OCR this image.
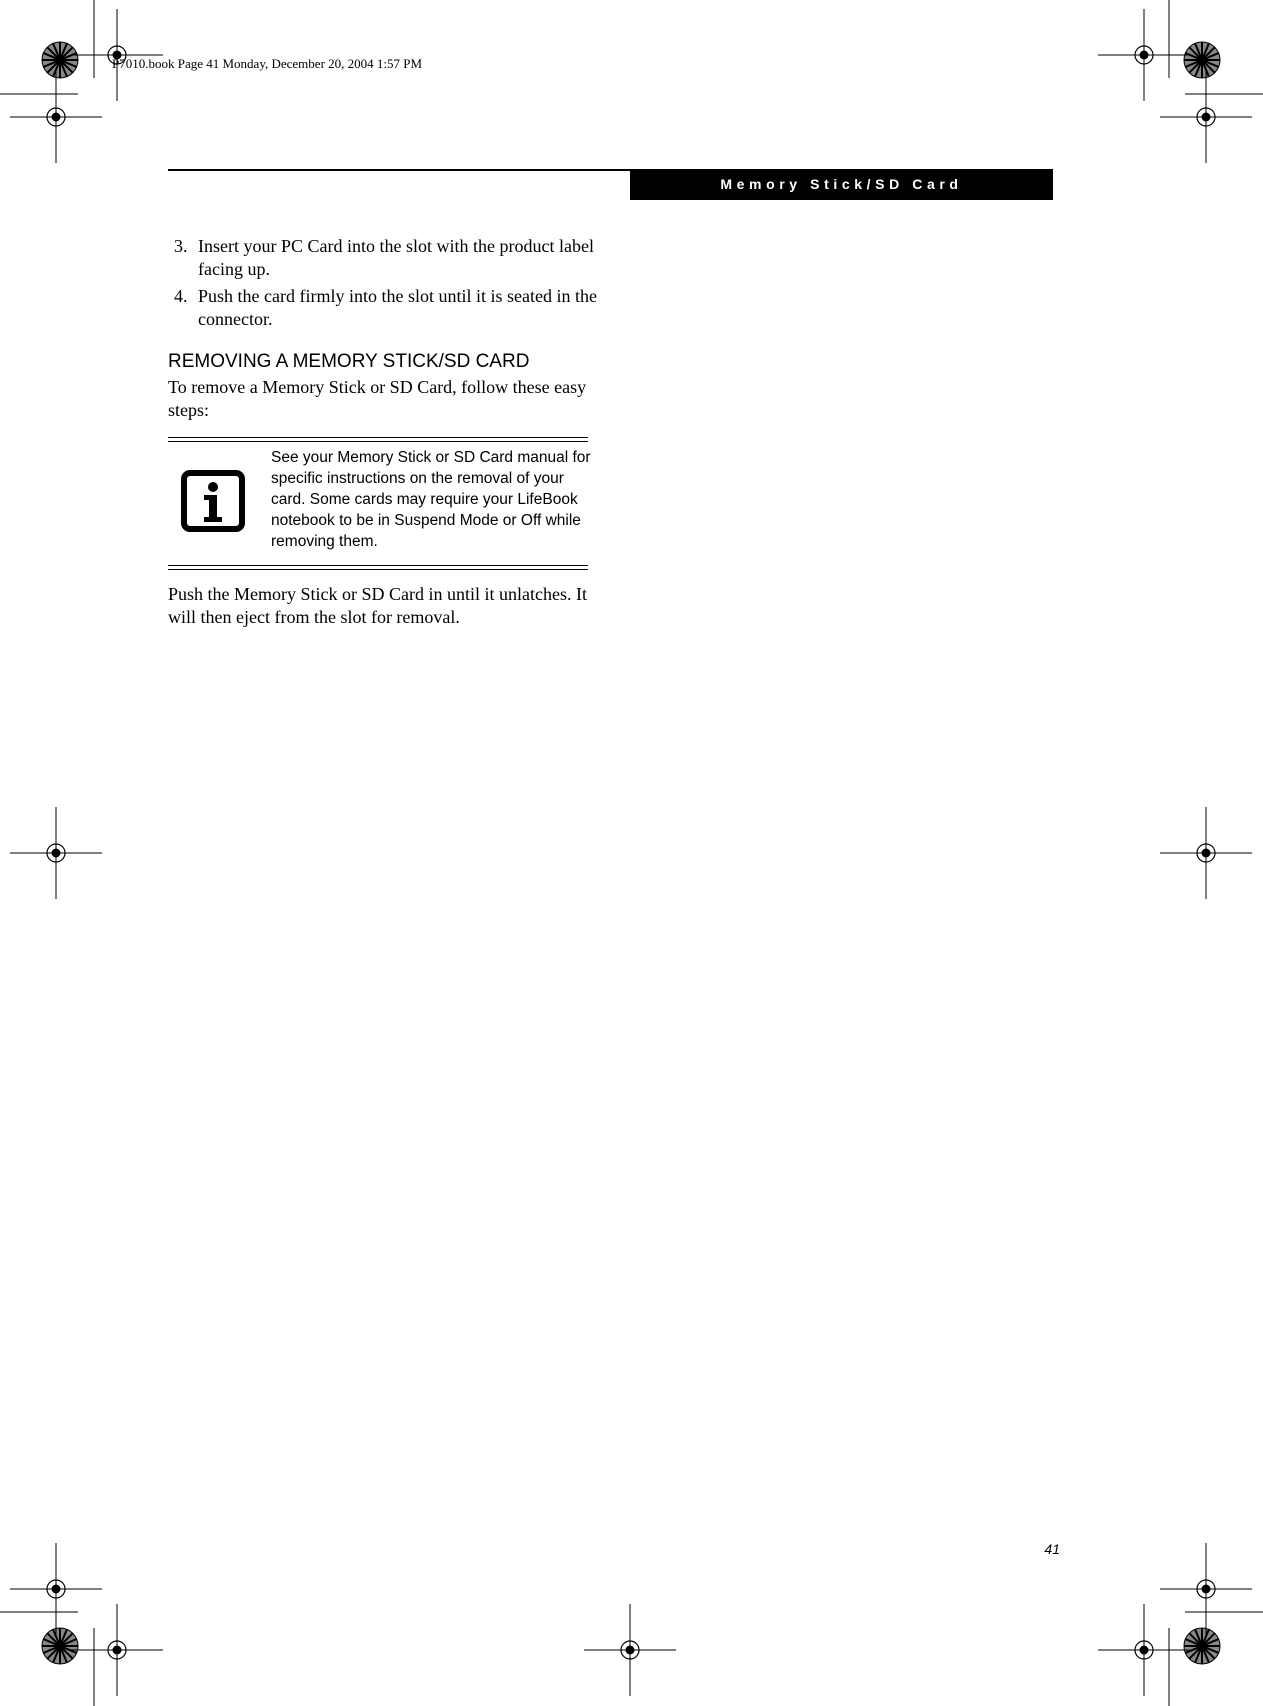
P7010.book Page 41 Monday, December 20, 2004 1:57 PM
Memory Stick/SD Card
3. Insert your PC Card into the slot with the product label facing up.
4. Push the card firmly into the slot until it is seated in the connector.
REMOVING A MEMORY STICK/SD CARD
To remove a Memory Stick or SD Card, follow these easy steps:
See your Memory Stick or SD Card manual for specific instructions on the removal of your card. Some cards may require your LifeBook notebook to be in Suspend Mode or Off while removing them.
Push the Memory Stick or SD Card in until it unlatches. It will then eject from the slot for removal.
41
